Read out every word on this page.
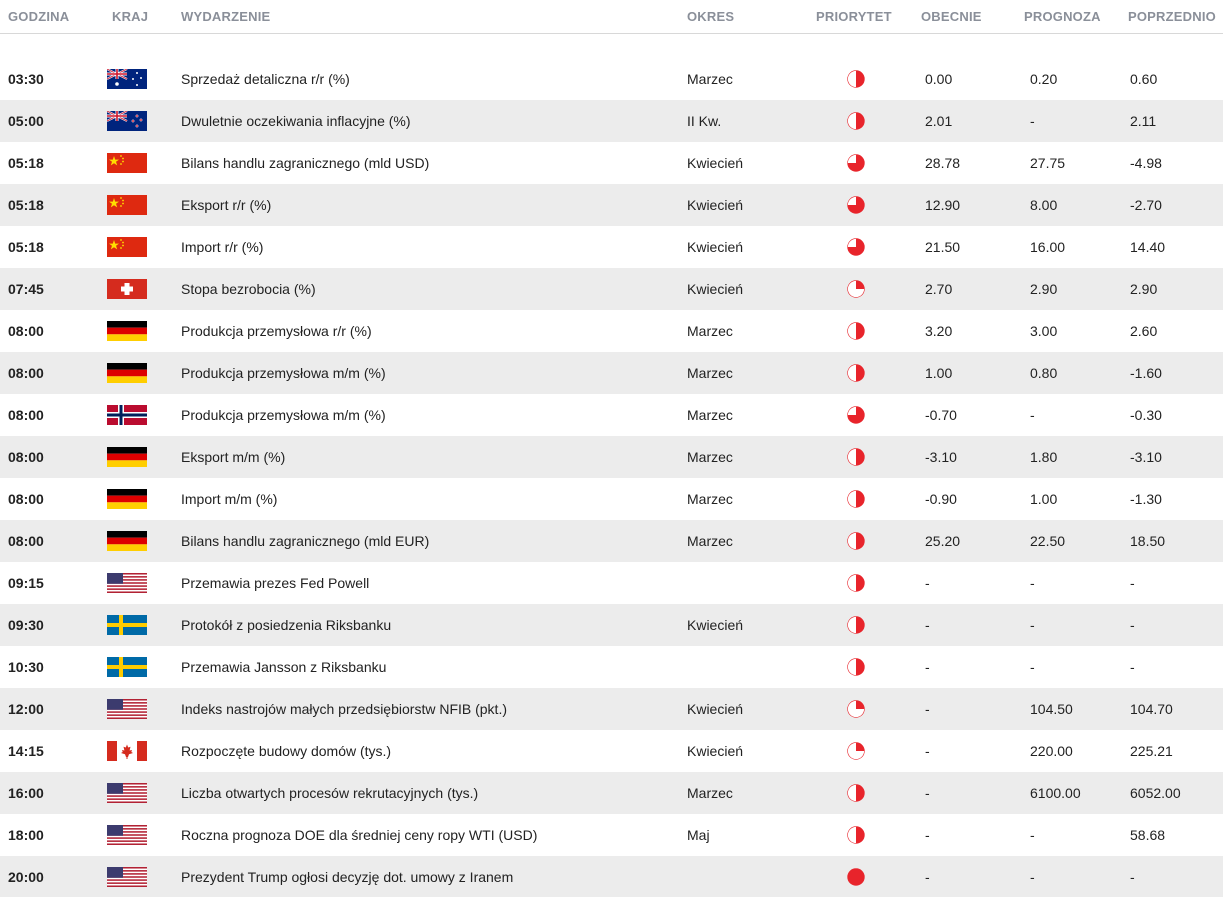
GODZINA	KRAJ	WYDARZENIE	OKRES	PRIORYTET OBECNIE	PROGNOZA POPRZEDNIO
03:30	Sprzedaż detaliczna r/r (%)	Marzec	0.00	0.20	0.60
05:00	Dwuletnie oczekiwania inflacyjne (%)	II Kw.	2.01	-	2.11
05:18	Bilans handlu zagranicznego (mld USD)	Kwiecień	28.78	27.75	-4.98
05:18	Eksport r/r (%)	Kwiecień	12.90	8.00	-2.70
05:18	Import r/r (%)	Kwiecień	21.50	16.00	14.40
07:45	Stopa bezrobocia (%)	Kwiecień	2.70	2.90	2.90
08:00	Produkcja przemysłowa r/r (%)	Marzec	3.20	3.00	2.60
08:00	Produkcja przemysłowa m/m (%)	Marzec	1.00	0.80	-1.60
08:00	Produkcja przemysłowa m/m (%)	Marzec	-0.70	-	-0.30
08:00	Eksport m/m (%)	Marzec	-3.10	1.80	-3.10
08:00	Import m/m (%)	Marzec	-0.90	1.00	-1.30
08:00	Bilans handlu zagranicznego (mld EUR)	Marzec	25.20	22.50	18.50
09:15	Przemawia prezes Fed Powell	-	-	-
09:30	Protokół z posiedzenia Riksbanku	Kwiecień	-	-	-
10:30	Przemawia Jansson z Riksbanku	-	-	-
12:00	Indeks nastrojów małych przedsiębiorstw NFIB (pkt.)	Kwiecień	-	104.50	104.70
14:15	Rozpoczęte budowy domów (tys.)	Kwiecień	-	220.00	225.21
16:00	Liczba otwartych procesów rekrutacyjnych (tys.)	Marzec	-	6100.00	6052.00
18:00	Roczna prognoza DOE dla średniej ceny ropy WTI (USD)	Maj	-	-	58.68
20:00	Prezydent Trump ogłosi decyzję dot. umowy z Iranem	-	-	-
